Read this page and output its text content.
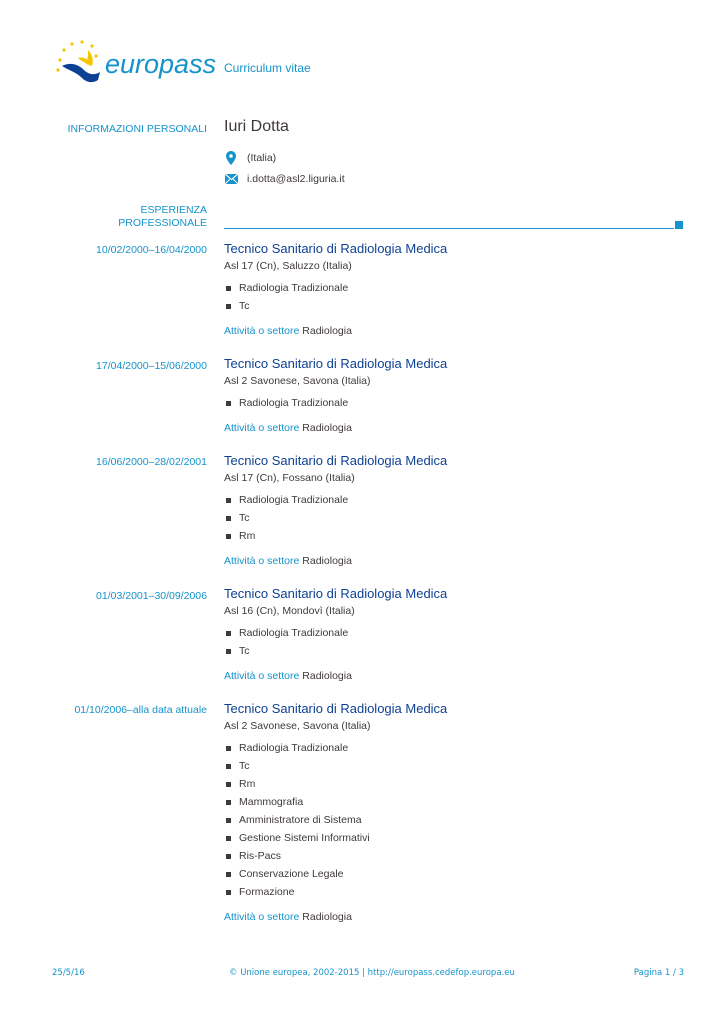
europass Curriculum vitae
INFORMAZIONI PERSONALI Iuri Dotta
(Italia)
i.dotta@asl2.liguria.it
ESPERIENZA
PROFESSIONALE
10/02/2000–16/04/2000 Tecnico Sanitario di Radiologia Medica
Asl 17 (Cn), Saluzzo (Italia)
Radiologia Tradizionale
Tc
Attività o settore Radiologia
17/04/2000–15/06/2000 Tecnico Sanitario di Radiologia Medica
Asl 2 Savonese, Savona (Italia)
Radiologia Tradizionale
Attività o settore Radiologia
16/06/2000–28/02/2001 Tecnico Sanitario di Radiologia Medica
Asl 17 (Cn), Fossano (Italia)
Radiologia Tradizionale
Tc
Rm
Attività o settore Radiologia
01/03/2001–30/09/2006 Tecnico Sanitario di Radiologia Medica
Asl 16 (Cn), Mondovì (Italia)
Radiologia Tradizionale
Tc
Attività o settore Radiologia
01/10/2006–alla data attuale Tecnico Sanitario di Radiologia Medica
Asl 2 Savonese, Savona (Italia)
Radiologia Tradizionale
Tc
Rm
Mammografia
Amministratore di Sistema
Gestione Sistemi Informativi
Ris-Pacs
Conservazione Legale
Formazione
Attività o settore Radiologia
25/5/16	© Unione europea, 2002-2015 | http://europass.cedefop.europa.eu	Pagina 1 / 3
